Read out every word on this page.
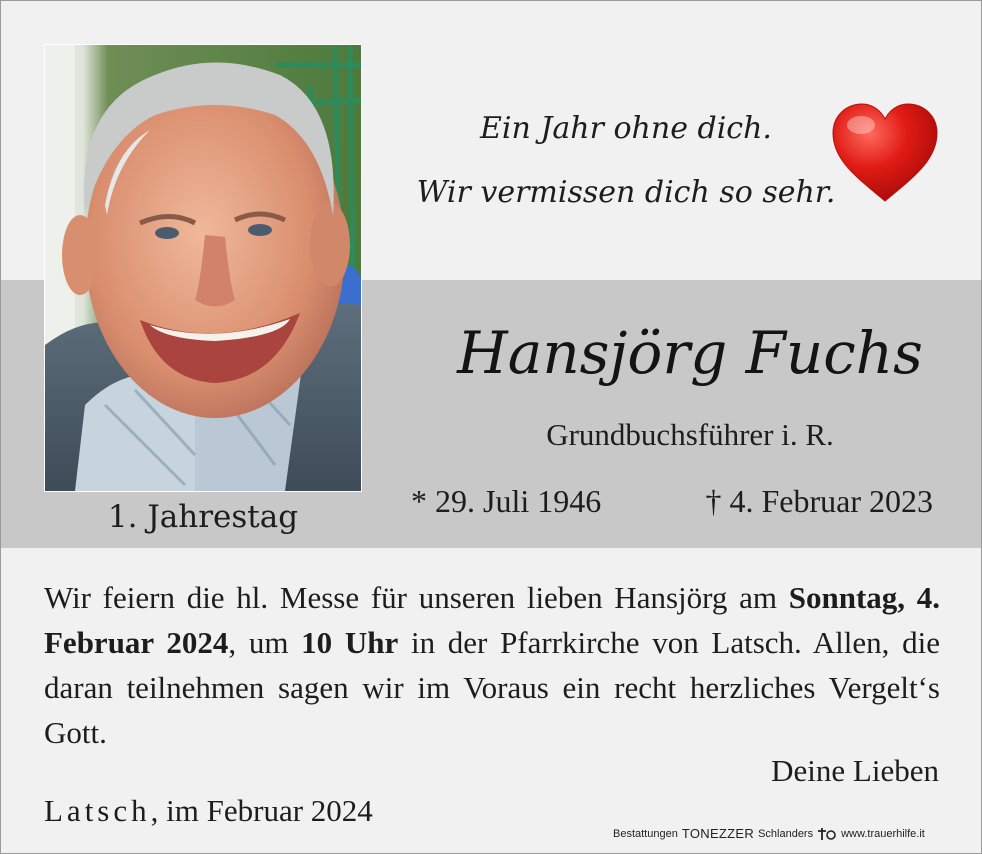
1. Jahrestag
Ein Jahr ohne dich.
Wir vermissen dich so sehr.
Hansjörg Fuchs
Grundbuchsführer i. R.
* 29. Juli 1946	† 4. Februar 2023
Wir feiern die hl. Messe für unseren lieben Hansjörg am Sonntag, 4. Februar 2024, um 10 Uhr in der Pfarrkirche von Latsch. Allen, die daran teilnehmen sagen wir im Voraus ein recht herzliches Vergelt‘s Gott.
Deine Lieben
Latsch, im Februar 2024
Bestattungen TONEZZER Schlanders	www.trauerhilfe.it
